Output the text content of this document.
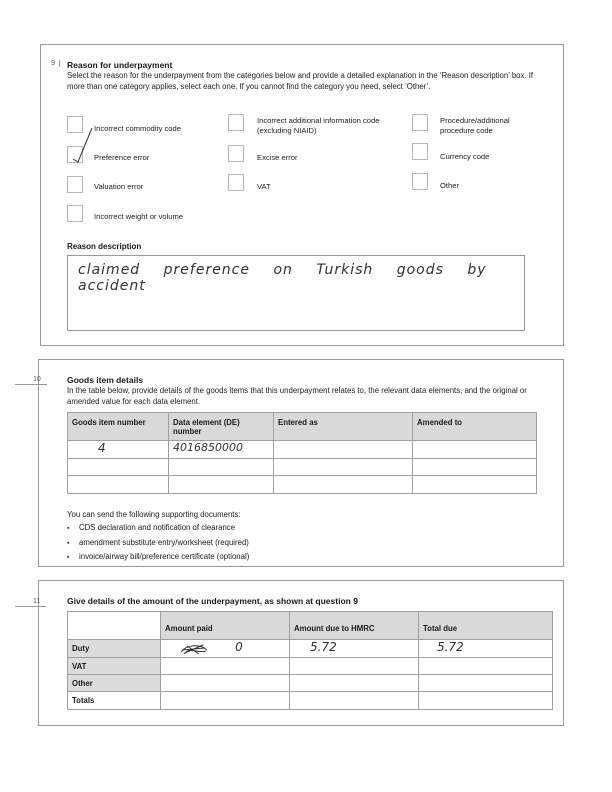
9	Reason for underpayment
Select the reason for the underpayment from the categories below and provide a detailed explanation in the ‘Reason description’ box. If more than one category applies, select each one. If you cannot find the category you need, select ‘Other’.
Incorrect commodity code
Preference error
Valuation error
Incorrect weight or volume
Incorrect additional information code (excluding NIAID)
Excise error
VAT
Procedure/additional procedure code
Currency code
Other
Reason description
claimed preference on Turkish goods by accident
10	Goods item details
In the table below, provide details of the goods items that this underpayment relates to, the relevant data elements, and the original or amended value for each data element.
Goods item number	Data element (DE) number	Entered as	Amended to
4	4016850000		

You can send the following supporting documents:
▪ CDS declaration and notification of clearance
▪ amendment substitute entry/worksheet (required)
▪ invoice/airway bill/preference certificate (optional)
11	Give details of the amount of the underpayment, as shown at question 9
	Amount paid	Amount due to HMRC	Total due
Duty	0	5.72	5.72
VAT			
Other			
Totals			
